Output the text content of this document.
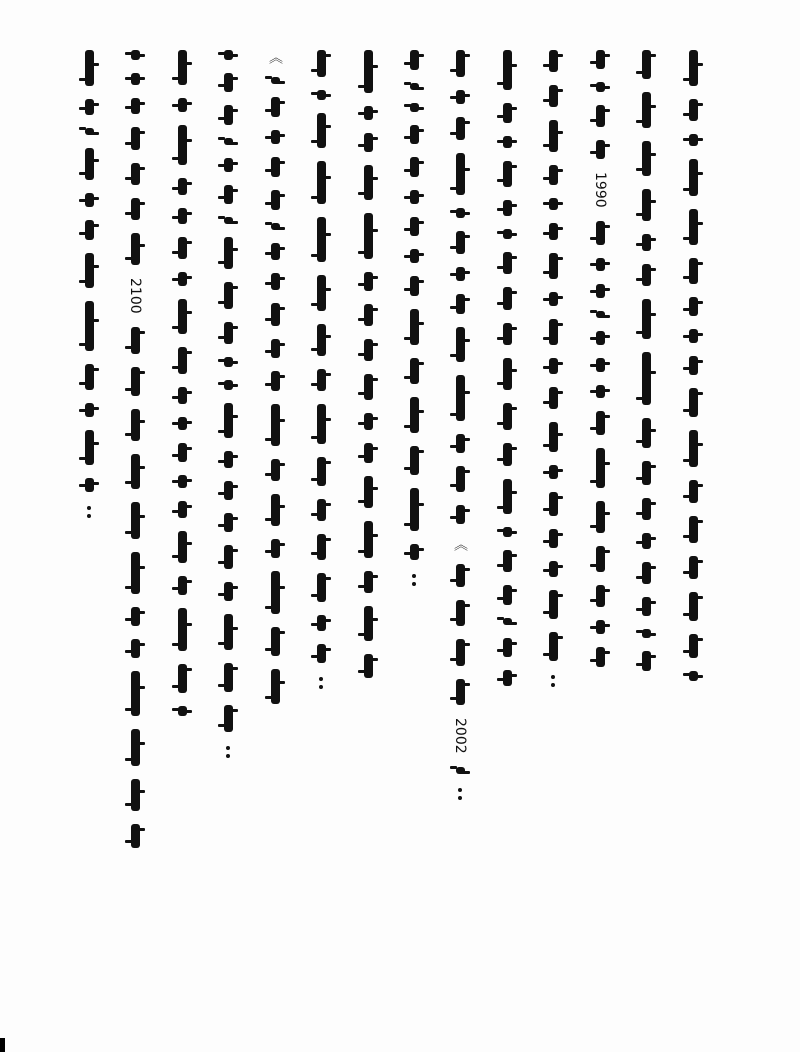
2100
《
《
2002
1990
